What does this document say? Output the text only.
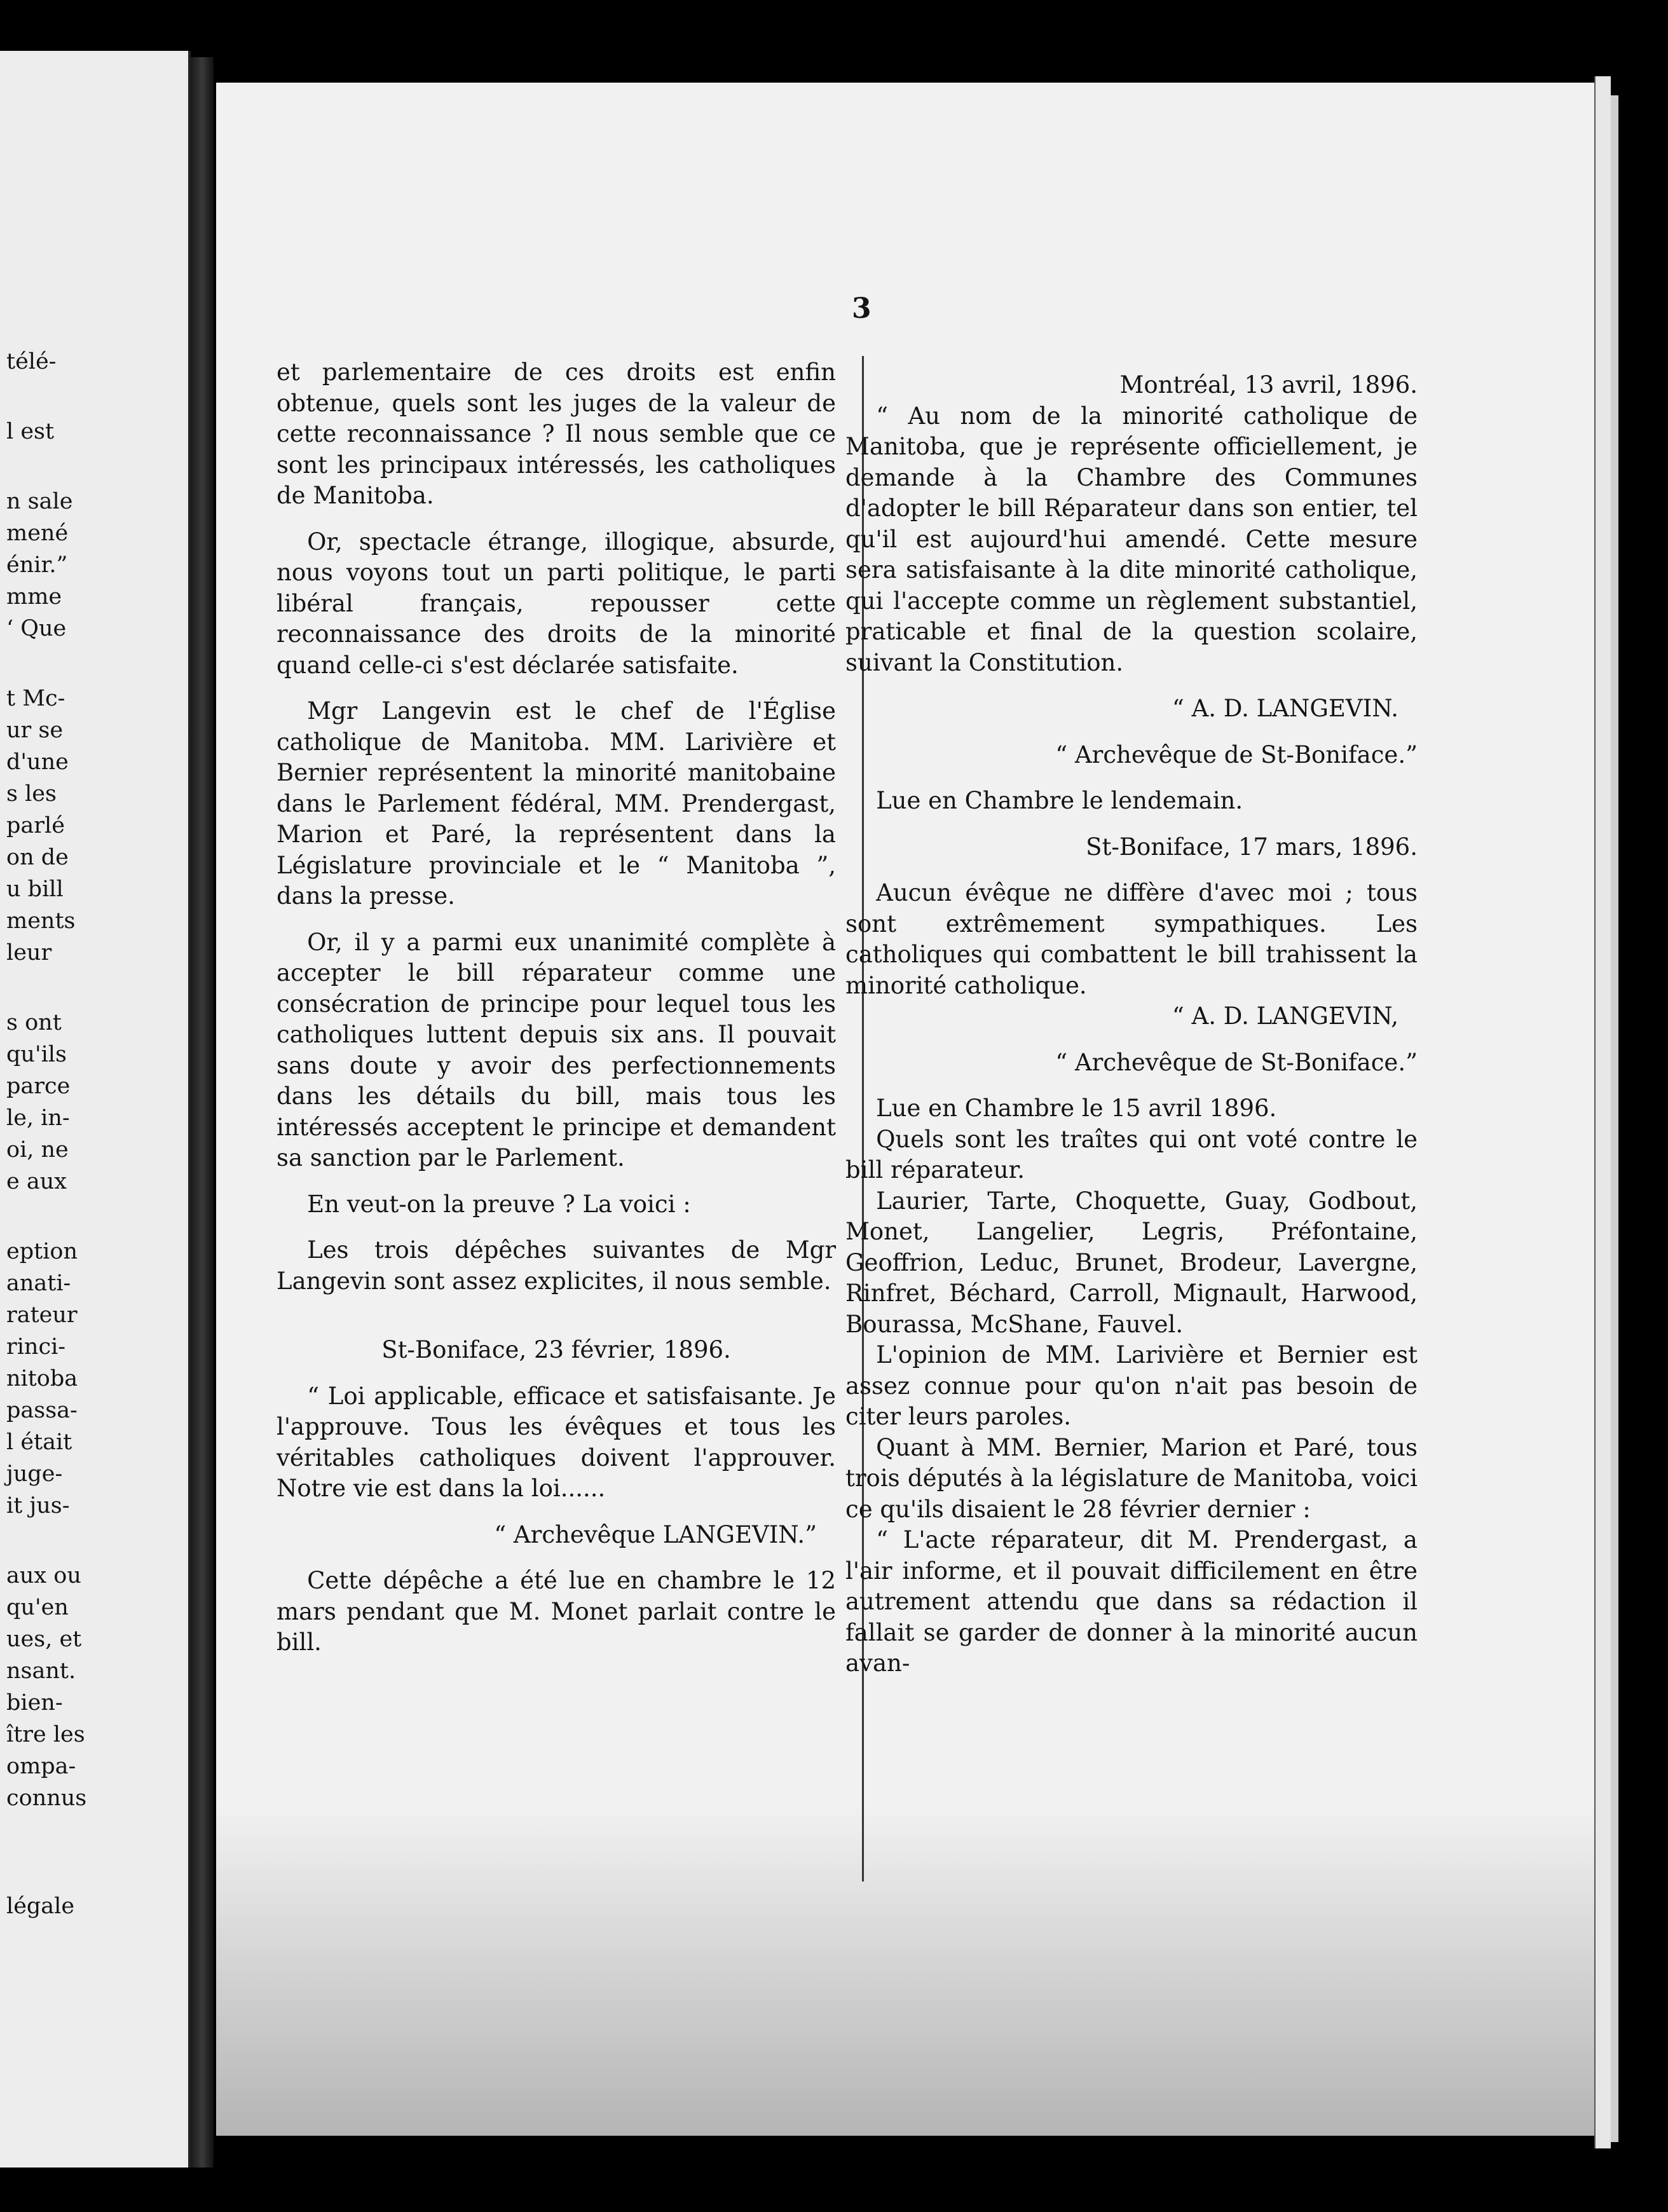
télé-
l est
n sale
mené
énir.”
mme
‘ Que
t Mc-
ur se
d'une
s les
parlé
on de
u bill
ments
leur
s ont
qu'ils
parce
le, in-
oi, ne
e aux
eption
anati-
rateur
rinci-
nitoba
passa-
l était
juge-
it jus-
aux ou
qu'en
ues, et
nsant.
bien-
ître les
ompa-
connus
légale
3

et parlementaire de ces droits est enfin obtenue, quels sont les juges de la valeur de cette reconnaissance ? Il nous semble que ce sont les principaux intéressés, les catholiques de Manitoba.

Or, spectacle étrange, illogique, absurde, nous voyons tout un parti politique, le parti libéral français, repousser cette reconnaissance des droits de la minorité quand celle-ci s'est déclarée satisfaite.

Mgr Langevin est le chef de l'Église catholique de Manitoba. MM. Larivière et Bernier représentent la minorité manitobaine dans le Parlement fédéral, MM. Prendergast, Marion et Paré, la représentent dans la Législature provinciale et le “ Manitoba ”, dans la presse.

Or, il y a parmi eux unanimité complète à accepter le bill réparateur comme une consécration de principe pour lequel tous les catholiques luttent depuis six ans. Il pouvait sans doute y avoir des perfectionnements dans les détails du bill, mais tous les intéressés acceptent le principe et demandent sa sanction par le Parlement.

En veut-on la preuve ? La voici :

Les trois dépêches suivantes de Mgr Langevin sont assez explicites, il nous semble.

St-Boniface, 23 février, 1896.

“ Loi applicable, efficace et satisfaisante. Je l'approuve. Tous les évêques et tous les véritables catholiques doivent l'approuver. Notre vie est dans la loi......

“ Archevêque LANGEVIN.”

Cette dépêche a été lue en chambre le 12 mars pendant que M. Monet parlait contre le bill.

Montréal, 13 avril, 1896.

“ Au nom de la minorité catholique de Manitoba, que je représente officiellement, je demande à la Chambre des Communes d'adopter le bill Réparateur dans son entier, tel qu'il est aujourd'hui amendé. Cette mesure sera satisfaisante à la dite minorité catholique, qui l'accepte comme un règlement substantiel, praticable et final de la question scolaire, suivant la Constitution.

“ A. D. LANGEVIN.

“ Archevêque de St-Boniface.”

Lue en Chambre le lendemain.

St-Boniface, 17 mars, 1896.

Aucun évêque ne diffère d'avec moi ; tous sont extrêmement sympathiques. Les catholiques qui combattent le bill trahissent la minorité catholique.

“ A. D. LANGEVIN,

“ Archevêque de St-Boniface.”

Lue en Chambre le 15 avril 1896.

Quels sont les traîtes qui ont voté contre le bill réparateur.

Laurier, Tarte, Choquette, Guay, Godbout, Monet, Langelier, Legris, Préfontaine, Geoffrion, Leduc, Brunet, Brodeur, Lavergne, Rinfret, Béchard, Carroll, Mignault, Harwood, Bourassa, McShane, Fauvel.

L'opinion de MM. Larivière et Bernier est assez connue pour qu'on n'ait pas besoin de citer leurs paroles.

Quant à MM. Bernier, Marion et Paré, tous trois députés à la législature de Manitoba, voici ce qu'ils disaient le 28 février dernier :

“ L'acte réparateur, dit M. Prendergast, a l'air informe, et il pouvait difficilement en être autrement attendu que dans sa rédaction il fallait se garder de donner à la minorité aucun avan-
